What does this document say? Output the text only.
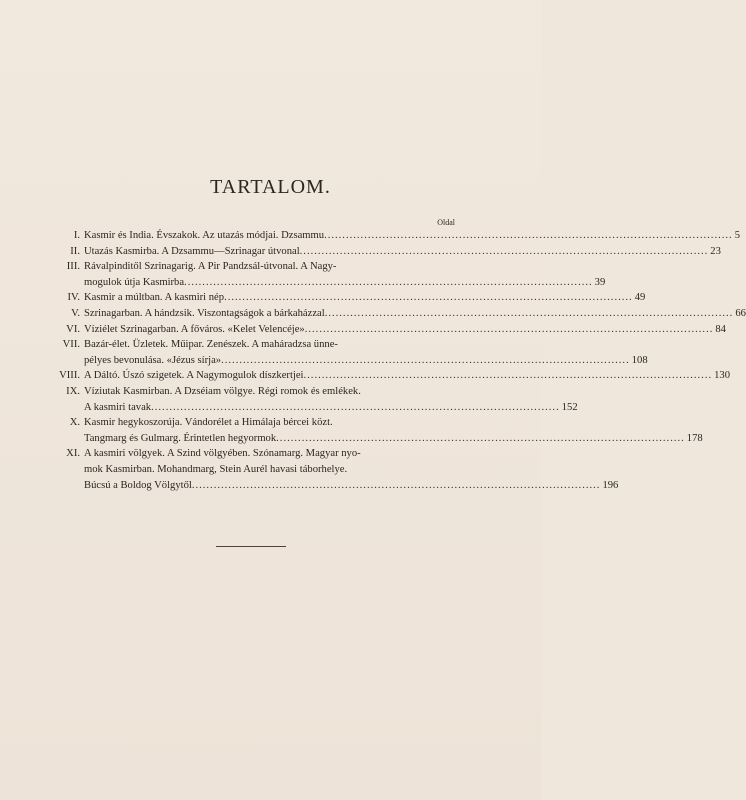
TARTALOM.
Oldal
I. Kasmir és India. Évszakok. Az utazás módjai. Dzsammu .....	5
II. Utazás Kasmirba. A Dzsammu—Szrinagar útvonal .....	23
III. Rávalpinditől Szrinagarig. A Pir Pandzsál-útvonal. A Nagy-
mogulok útja Kasmirba .....	39
IV. Kasmir a múltban. A kasmiri nép .....	49
V. Szrinagarban. A hándzsik. Viszontagságok a bárkaházzal .....	66
VI. Víziélet Szrinagarban. A főváros. «Kelet Velencéje» .....	84
VII. Bazár-élet. Üzletek. Műipar. Zenészek. A maháradzsa ünne-
pélyes bevonulása. «Jézus sírja» .....	108
VIII. A Dáltó. Úszó szigetek. A Nagymogulok díszkertjei .....	130
IX. Víziutak Kasmirban. A Dzséiam völgye. Régi romok és emlékek.
A kasmiri tavak .....	152
X. Kasmir hegykoszorúja. Vándorélet a Himálaja bércei közt.
Tangmarg és Gulmarg. Érintetlen hegyormok .....	178
XI. A kasmiri völgyek. A Szind völgyében. Szónamarg. Magyar nyo-
mok Kasmirban. Mohandmarg, Stein Aurél havasi táborhelye.
Búcsú a Boldog Völgytől .....	196
